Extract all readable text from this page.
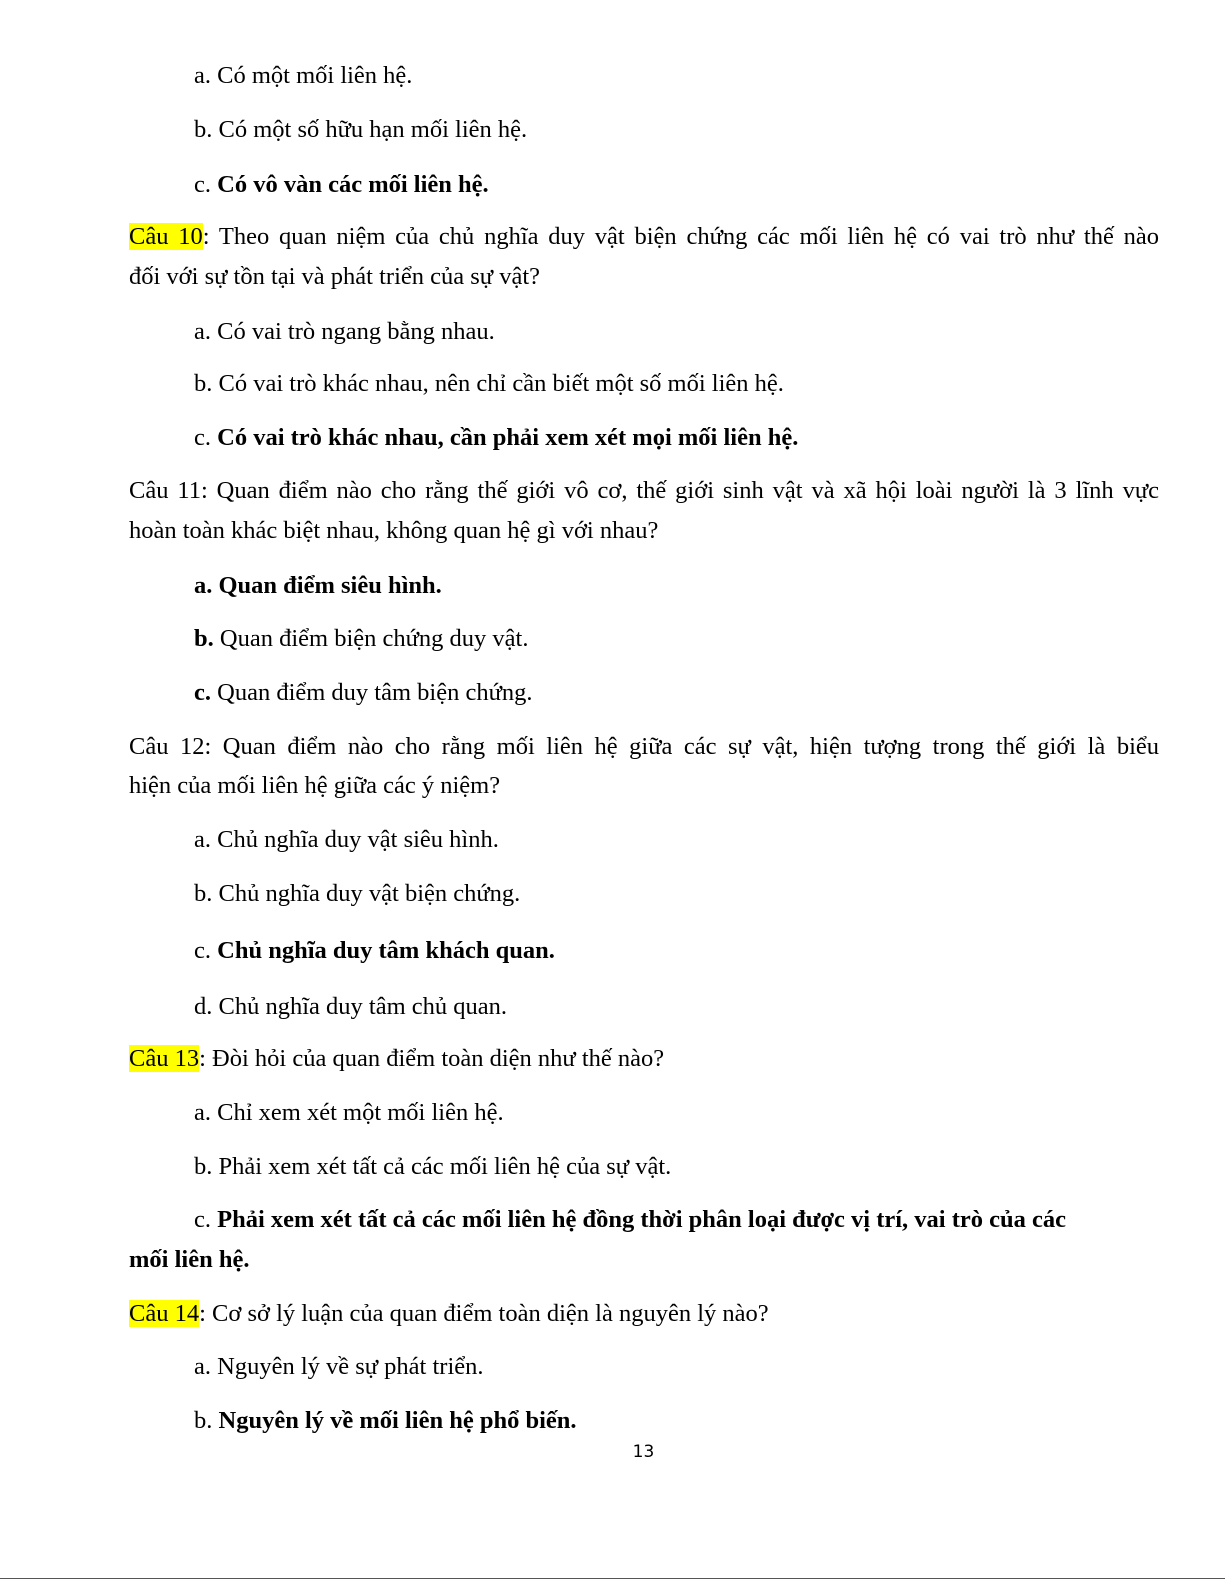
a. Có một mối liên hệ.

b. Có một số hữu hạn mối liên hệ.

c. Có vô vàn các mối liên hệ.

Câu 10: Theo quan niệm của chủ nghĩa duy vật biện chứng các mối liên hệ có vai trò như thế nào

đối với sự tồn tại và phát triển của sự vật?

a. Có vai trò ngang bằng nhau.

b. Có vai trò khác nhau, nên chỉ cần biết một số mối liên hệ.

c. Có vai trò khác nhau, cần phải xem xét mọi mối liên hệ.

Câu 11: Quan điểm nào cho rằng thế giới vô cơ, thế giới sinh vật và xã hội loài người là 3 lĩnh vực

hoàn toàn khác biệt nhau, không quan hệ gì với nhau?

a. Quan điểm siêu hình.

b. Quan điểm biện chứng duy vật.

c. Quan điểm duy tâm biện chứng.

Câu 12: Quan điểm nào cho rằng mối liên hệ giữa các sự vật, hiện tượng trong thế giới là biểu

hiện của mối liên hệ giữa các ý niệm?

a. Chủ nghĩa duy vật siêu hình.

b. Chủ nghĩa duy vật biện chứng.

c. Chủ nghĩa duy tâm khách quan.

d. Chủ nghĩa duy tâm chủ quan.

Câu 13: Đòi hỏi của quan điểm toàn diện như thế nào?

a. Chỉ xem xét một mối liên hệ.

b. Phải xem xét tất cả các mối liên hệ của sự vật.

c. Phải xem xét tất cả các mối liên hệ đồng thời phân loại được vị trí, vai trò của các

mối liên hệ.

Câu 14: Cơ sở lý luận của quan điểm toàn diện là nguyên lý nào?

a. Nguyên lý về sự phát triển.

b. Nguyên lý về mối liên hệ phổ biến.

13
